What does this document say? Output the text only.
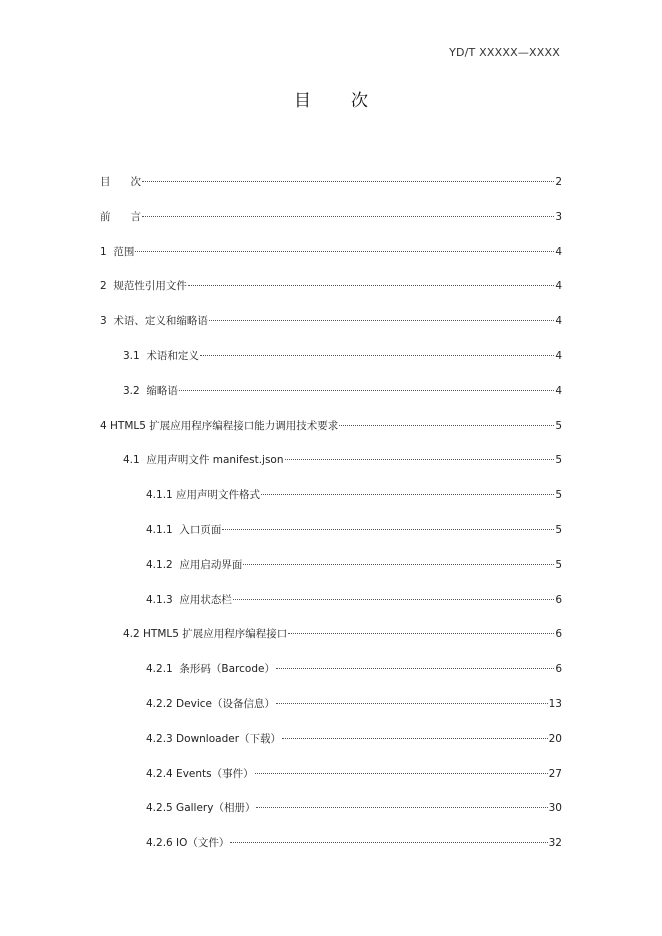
YD/T XXXXX—XXXX
目次
目      次	2
前      言	3
1  范围	4
2  规范性引用文件	4
3  术语、定义和缩略语	4
3.1  术语和定义	4
3.2  缩略语	4
4 HTML5 扩展应用程序编程接口能力调用技术要求	5
4.1  应用声明文件 manifest.json	5
4.1.1 应用声明文件格式	5
4.1.1  入口页面	5
4.1.2  应用启动界面	5
4.1.3  应用状态栏	6
4.2 HTML5 扩展应用程序编程接口	6
4.2.1  条形码（Barcode）	6
4.2.2 Device（设备信息）	13
4.2.3 Downloader（下载）	20
4.2.4 Events（事件）	27
4.2.5 Gallery（相册）	30
4.2.6 IO（文件）	32
